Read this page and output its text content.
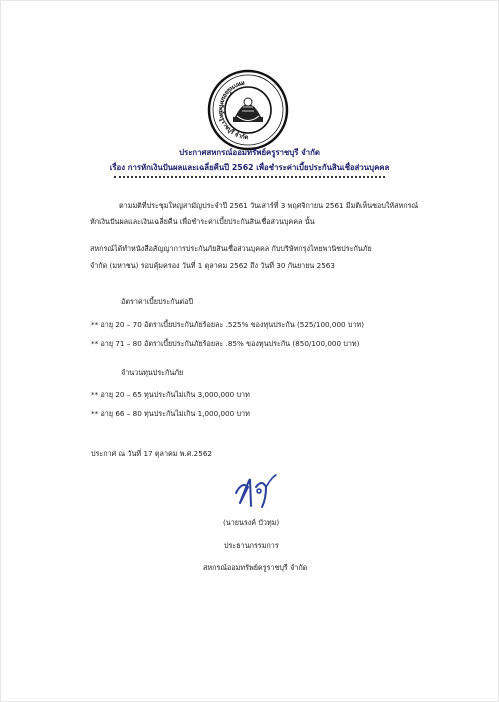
สหกรณ์ออมทรัพย์ครูราชบุรี จำกัด
ประกาศสหกรณ์ออมทรัพย์ครูราชบุรี จำกัด
เรื่อง การหักเงินปันผลและเฉลี่ยคืนปี 2562 เพื่อชำระค่าเบี้ยประกันสินเชื่อส่วนบุคคล
ตามมติที่ประชุมใหญ่สามัญประจำปี 2561 วันเสาร์ที่ 3 พฤศจิกายน 2561 มีมติเห็นชอบให้สหกรณ์
หักเงินปันผลและเงินเฉลี่ยคืน เพื่อชำระค่าเบี้ยประกันสินเชื่อส่วนบุคคล นั้น
สหกรณ์ได้ทำหนังสือสัญญาการประกันภัยสินเชื่อส่วนบุคคล กับบริษัทกรุงไทยพานิชประกันภัย
จำกัด (มหาชน) รอบคุ้มครอง วันที่ 1 ตุลาคม 2562 ถึง วันที่ 30 กันยายน 2563
อัตราค่าเบี้ยประกันต่อปี
** อายุ 20 – 70 อัตราเบี้ยประกันภัยร้อยละ .525% ของทุนประกัน (525/100,000 บาท)
** อายุ 71 – 80 อัตราเบี้ยประกันภัยร้อยละ .85% ของทุนประกัน (850/100,000 บาท)
จำนวนทุนประกันภัย
** อายุ 20 – 65 ทุนประกันไม่เกิน 3,000,000 บาท
** อายุ 66 – 80 ทุนประกันไม่เกิน 1,000,000 บาท
ประกาศ ณ วันที่ 17 ตุลาคม พ.ศ.2562
(นายนรงค์ บัวทุม)
ประธานกรรมการ
สหกรณ์ออมทรัพย์ครูราชบุรี จำกัด
